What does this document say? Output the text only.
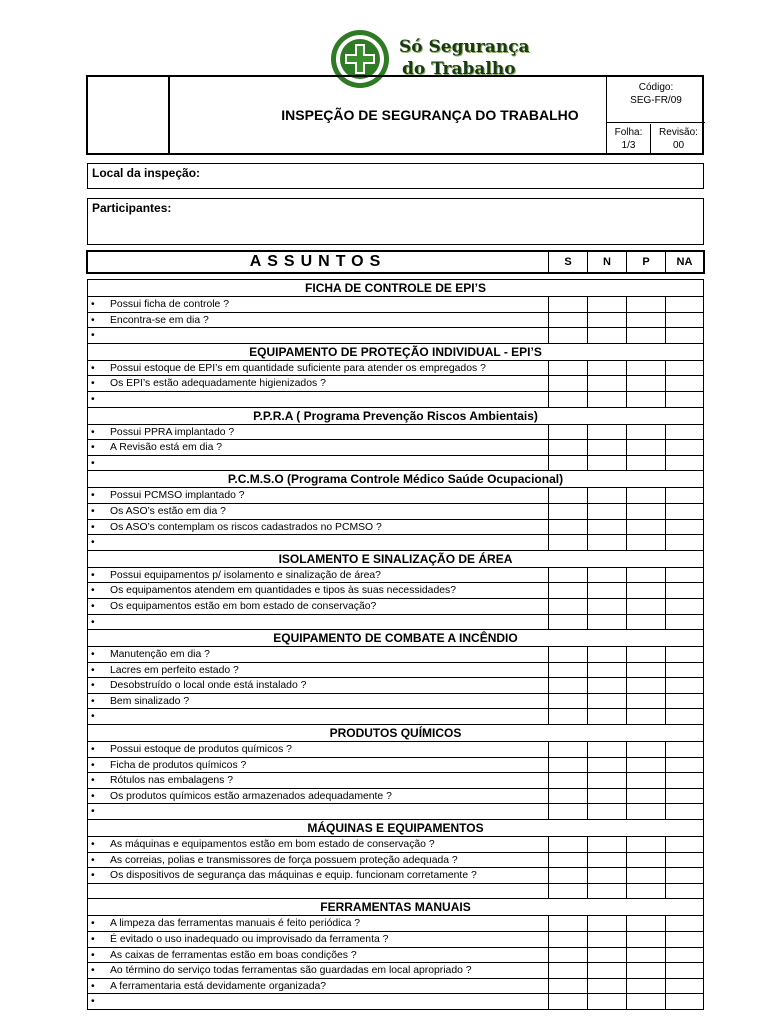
Só Segurança
do Trabalho
INSPEÇÃO DE SEGURANÇA DO TRABALHO
Código:
SEG-FR/09
Folha:
1/3
Revisão:
00
Local da inspeção:
Participantes:
ASSUNTOS	S	N	P	NA
FICHA DE CONTROLE DE EPI’S
• Possui ficha de controle ?
• Encontra-se em dia ?
•
EQUIPAMENTO DE PROTEÇÃO INDIVIDUAL - EPI’S
• Possui estoque de EPI’s em quantidade suficiente para atender os empregados ?
• Os EPI’s estão adequadamente higienizados ?
•
P.P.R.A ( Programa Prevenção Riscos Ambientais)
• Possui PPRA implantado ?
• A Revisão está em dia ?
•
P.C.M.S.O (Programa Controle Médico Saúde Ocupacional)
• Possui PCMSO implantado ?
• Os ASO’s estão em dia ?
• Os ASO’s contemplam os riscos cadastrados no PCMSO ?
•
ISOLAMENTO E SINALIZAÇÃO DE ÁREA
• Possui equipamentos p/ isolamento e sinalização de área?
• Os equipamentos atendem em quantidades e tipos às suas necessidades?
• Os equipamentos estão em bom estado de conservação?
•
EQUIPAMENTO DE COMBATE A INCÊNDIO
• Manutenção em dia ?
• Lacres em perfeito estado ?
• Desobstruído o local onde está instalado ?
• Bem sinalizado ?
•
PRODUTOS QUÍMICOS
• Possui estoque de produtos químicos ?
• Ficha de produtos químicos ?
• Rótulos nas embalagens ?
• Os produtos químicos estão armazenados adequadamente ?
•
MÁQUINAS E EQUIPAMENTOS
• As máquinas e equipamentos estão em bom estado de conservação ?
• As correias, polias e transmissores de força possuem proteção adequada ?
• Os dispositivos de segurança das máquinas e equip. funcionam corretamente ?
FERRAMENTAS MANUAIS
• A limpeza das ferramentas manuais é feito periódica ?
• É evitado o uso inadequado ou improvisado da ferramenta ?
• As caixas de ferramentas estão em boas condições ?
• Ao término do serviço todas ferramentas são guardadas em local apropriado ?
• A ferramentaria está devidamente organizada?
•
